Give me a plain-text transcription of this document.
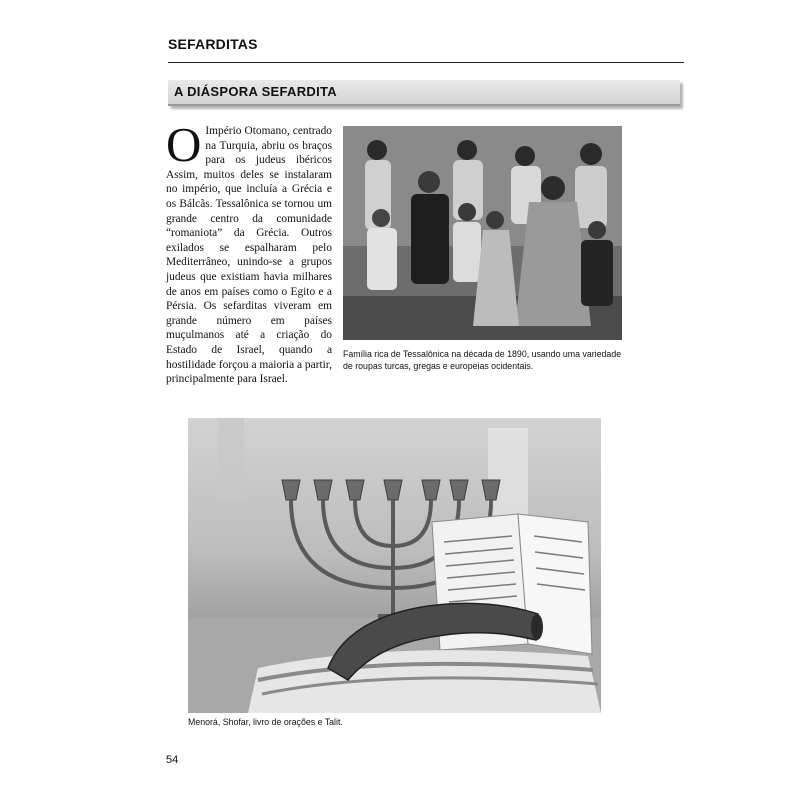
SEFARDITAS
A DIÁSPORA SEFARDITA

O Império Otomano, centrado na Turquia, abriu os braços para os judeus ibéricos Assim, muitos deles se instalaram no império, que incluía a Grécia e os Bálcãs. Tessalônica se tornou um grande centro da comunidade “romaniota” da Grécia. Outros exilados se espalharam pelo Mediterrâneo, unindo-se a grupos judeus que existiam havia milhares de anos em países como o Egito e a Pérsia. Os sefarditas viveram em grande número em países muçulmanos até a criação do Estado de Israel, quando a hostilidade forçou a maioria a partir, principalmente para Israel.

Família rica de Tessalônica na década de 1890, usando uma variedade de roupas turcas, gregas e europeias ocidentais.

Menorá, Shofar, livro de orações e Talit.

54
